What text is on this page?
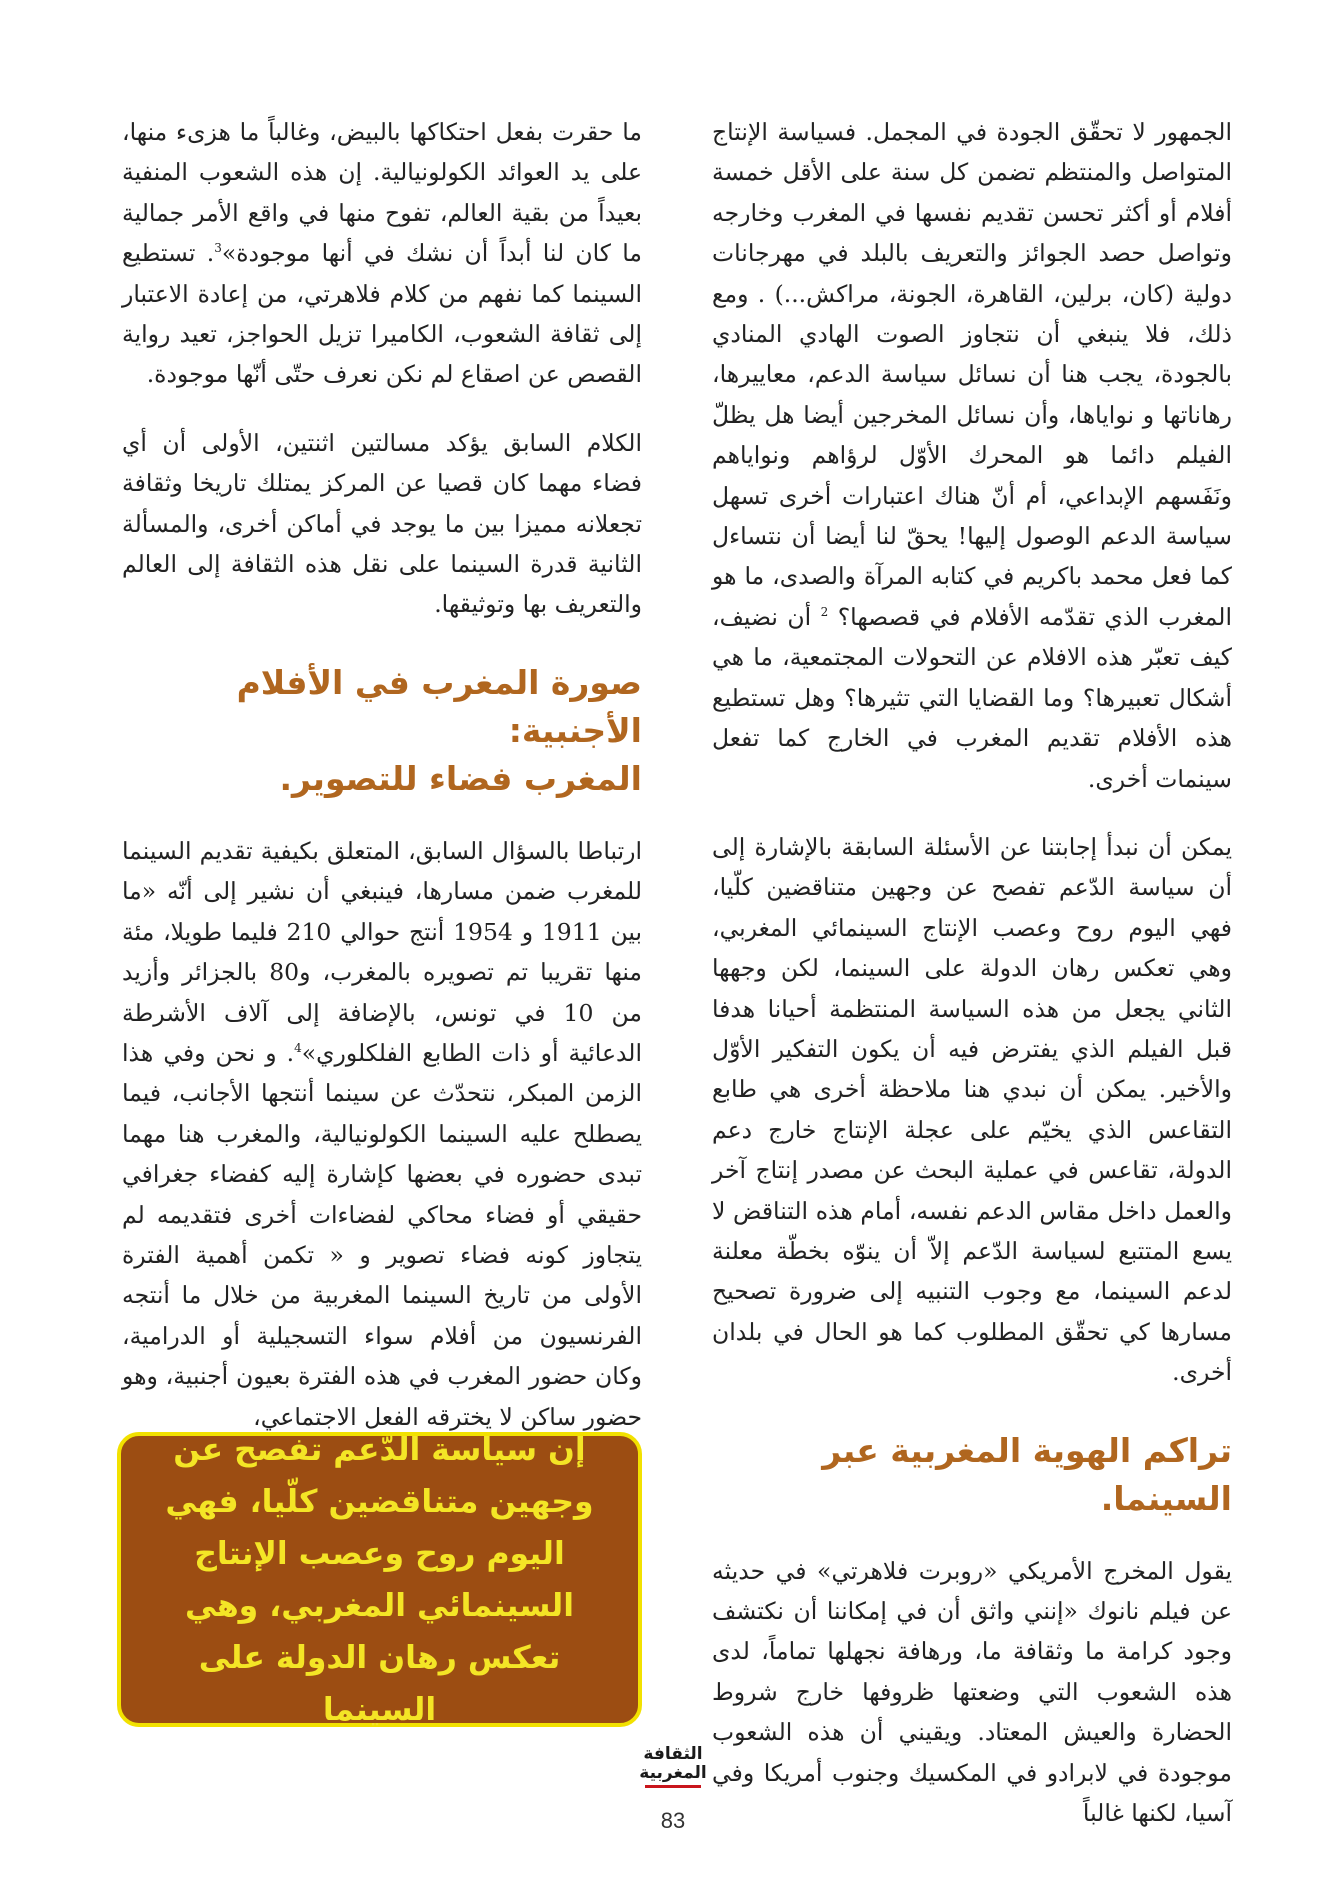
الجمهور لا تحقّق الجودة في المجمل. فسياسة الإنتاج المتواصل والمنتظم تضمن كل سنة على الأقل خمسة أفلام أو أكثر تحسن تقديم نفسها في المغرب وخارجه وتواصل حصد الجوائز والتعريف بالبلد في مهرجانات دولية (كان، برلين، القاهرة، الجونة، مراكش...) . ومع ذلك، فلا ينبغي أن نتجاوز الصوت الهادي المنادي بالجودة، يجب هنا أن نسائل سياسة الدعم، معاييرها، رهاناتها و نواياها، وأن نسائل المخرجين أيضا هل يظلّ الفيلم دائما هو المحرك الأوّل لرؤاهم ونواياهم ونَفَسهم الإبداعي، أم أنّ هناك اعتبارات أخرى تسهل سياسة الدعم الوصول إليها! يحقّ لنا أيضا أن نتساءل كما فعل محمد باكريم في كتابه المرآة والصدى، ما هو المغرب الذي تقدّمه الأفلام في قصصها؟ $^2$ أن نضيف، كيف تعبّر هذه الافلام عن التحولات المجتمعية، ما هي أشكال تعبيرها؟ وما القضايا التي تثيرها؟ وهل تستطيع هذه الأفلام تقديم المغرب في الخارج كما تفعل سينمات أخرى.

يمكن أن نبدأ إجابتنا عن الأسئلة السابقة بالإشارة إلى أن سياسة الدّعم تفصح عن وجهين متناقضين كلّيا، فهي اليوم روح وعصب الإنتاج السينمائي المغربي، وهي تعكس رهان الدولة على السينما، لكن وجهها الثاني يجعل من هذه السياسة المنتظمة أحيانا هدفا قبل الفيلم الذي يفترض فيه أن يكون التفكير الأوّل والأخير. يمكن أن نبدي هنا ملاحظة أخرى هي طابع التقاعس الذي يخيّم على عجلة الإنتاج خارج دعم الدولة، تقاعس في عملية البحث عن مصدر إنتاج آخر والعمل داخل مقاس الدعم نفسه، أمام هذه التناقض لا يسع المتتبع لسياسة الدّعم إلاّ أن ينوّه بخطّة معلنة لدعم السينما، مع وجوب التنبيه إلى ضرورة تصحيح مسارها كي تحقّق المطلوب كما هو الحال في بلدان أخرى.

تراكم الهوية المغربية عبر السينما.

يقول المخرج الأمريكي «روبرت فلاهرتي» في حديثه عن فيلم نانوك «إنني واثق أن في إمكاننا أن نكتشف وجود كرامة ما وثقافة ما، ورهافة نجهلها تماماً، لدى هذه الشعوب التي وضعتها ظروفها خارج شروط الحضارة والعيش المعتاد. ويقيني أن هذه الشعوب موجودة في لابرادو في المكسيك وجنوب أمريكا وفي آسيا، لكنها غالباً

ما حقرت بفعل احتكاكها بالبيض، وغالباً ما هزىء منها، على يد العوائد الكولونيالية. إن هذه الشعوب المنفية بعيداً من بقية العالم، تفوح منها في واقع الأمر جمالية ما كان لنا أبداً أن نشك في أنها موجودة»$^3$. تستطيع السينما كما نفهم من كلام فلاهرتي، من إعادة الاعتبار إلى ثقافة الشعوب، الكاميرا تزيل الحواجز، تعيد رواية القصص عن اصقاع لم نكن نعرف حتّى أنّها موجودة.

الكلام السابق يؤكد مسالتين اثنتين، الأولى أن أي فضاء مهما كان قصيا عن المركز يمتلك تاريخا وثقافة تجعلانه مميزا بين ما يوجد في أماكن أخرى، والمسألة الثانية قدرة السينما على نقل هذه الثقافة إلى العالم والتعريف بها وتوثيقها.

صورة المغرب في الأفلام الأجنبية:
المغرب فضاء للتصوير.

ارتباطا بالسؤال السابق، المتعلق بكيفية تقديم السينما للمغرب ضمن مسارها، فينبغي أن نشير إلى أنّه «ما بين 1911 و 1954 أنتج حوالي 210 فليما طويلا، مئة منها تقريبا تم تصويره بالمغرب، و80 بالجزائر وأزيد من 10 في تونس، بالإضافة إلى آلاف الأشرطة الدعائية أو ذات الطابع الفلكلوري»$^4$. و نحن وفي هذا الزمن المبكر، نتحدّث عن سينما أنتجها الأجانب، فيما يصطلح عليه السينما الكولونيالية، والمغرب هنا مهما تبدى حضوره في بعضها كإشارة إليه كفضاء جغرافي حقيقي أو فضاء محاكي لفضاءات أخرى فتقديمه لم يتجاوز كونه فضاء تصوير و « تكمن أهمية الفترة الأولى من تاريخ السينما المغربية من خلال ما أنتجه الفرنسيون من أفلام سواء التسجيلية أو الدرامية، وكان حضور المغرب في هذه الفترة بعيون أجنبية، وهو حضور ساكن لا يخترقه الفعل الاجتماعي،

إن سياسة الدّعم تفصح عن وجهين متناقضين كلّيا، فهي اليوم روح وعصب الإنتاج السينمائي المغربي، وهي تعكس رهان الدولة على السينما

الثقافة

المغربية

83
